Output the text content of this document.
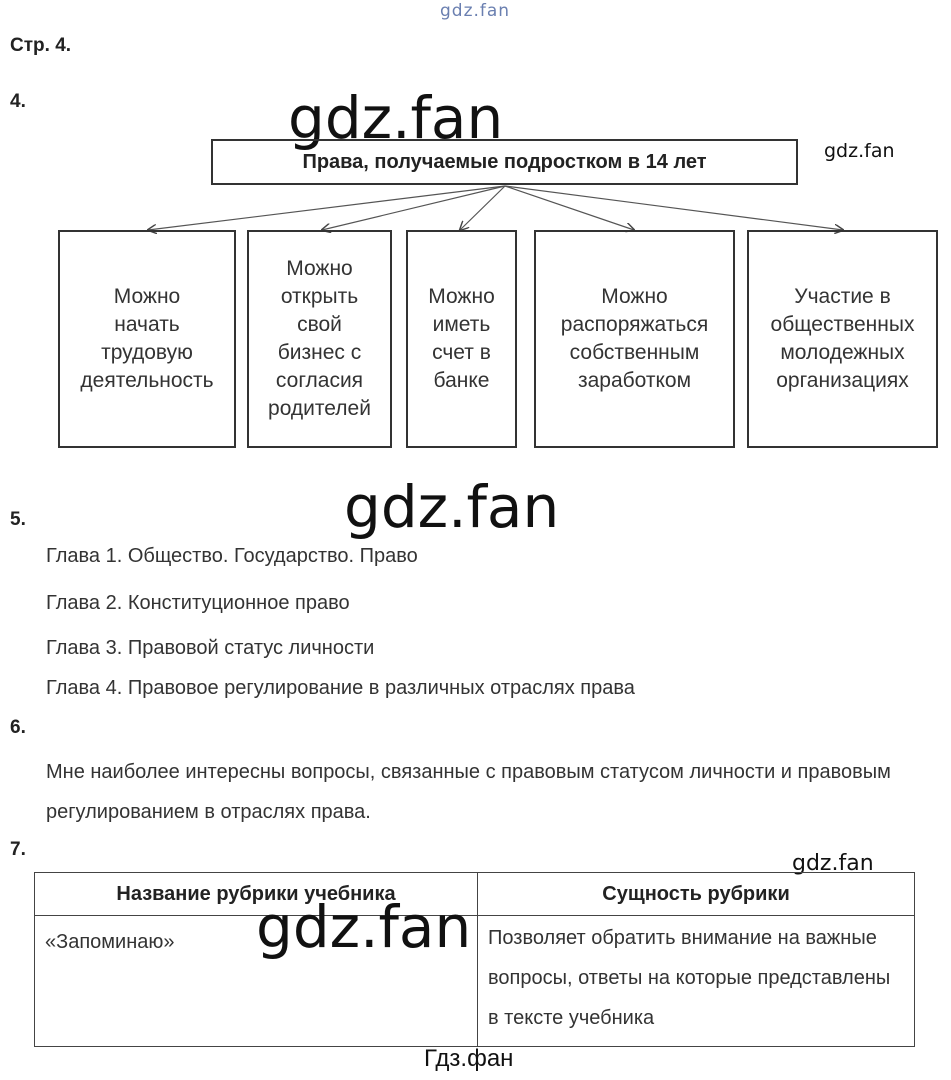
gdz.fan
Стр. 4.
4.	gdz.fan	gdz.fan
Права, получаемые подростком в 14 лет
Можно
начать
трудовую
деятельность
Можно
открыть
свой
бизнес с
согласия
родителей
Можно
иметь
счет в
банке
Можно
распоряжаться
собственным
заработком
Участие в
общественных
молодежных
организациях
gdz.fan
5.
Глава 1. Общество. Государство. Право
Глава 2. Конституционное право
Глава 3. Правовой статус личности
Глава 4. Правовое регулирование в различных отраслях права
6.
Мне наиболее интересны вопросы, связанные с правовым статусом личности и правовым регулированием в отраслях права.
7.
gdz.fan
Название рубрики учебника	Сущность рубрики
«Запоминаю»	Позволяет обратить внимание на важные вопросы, ответы на которые представлены в тексте учебника
gdz.fan
Гдз.фан
